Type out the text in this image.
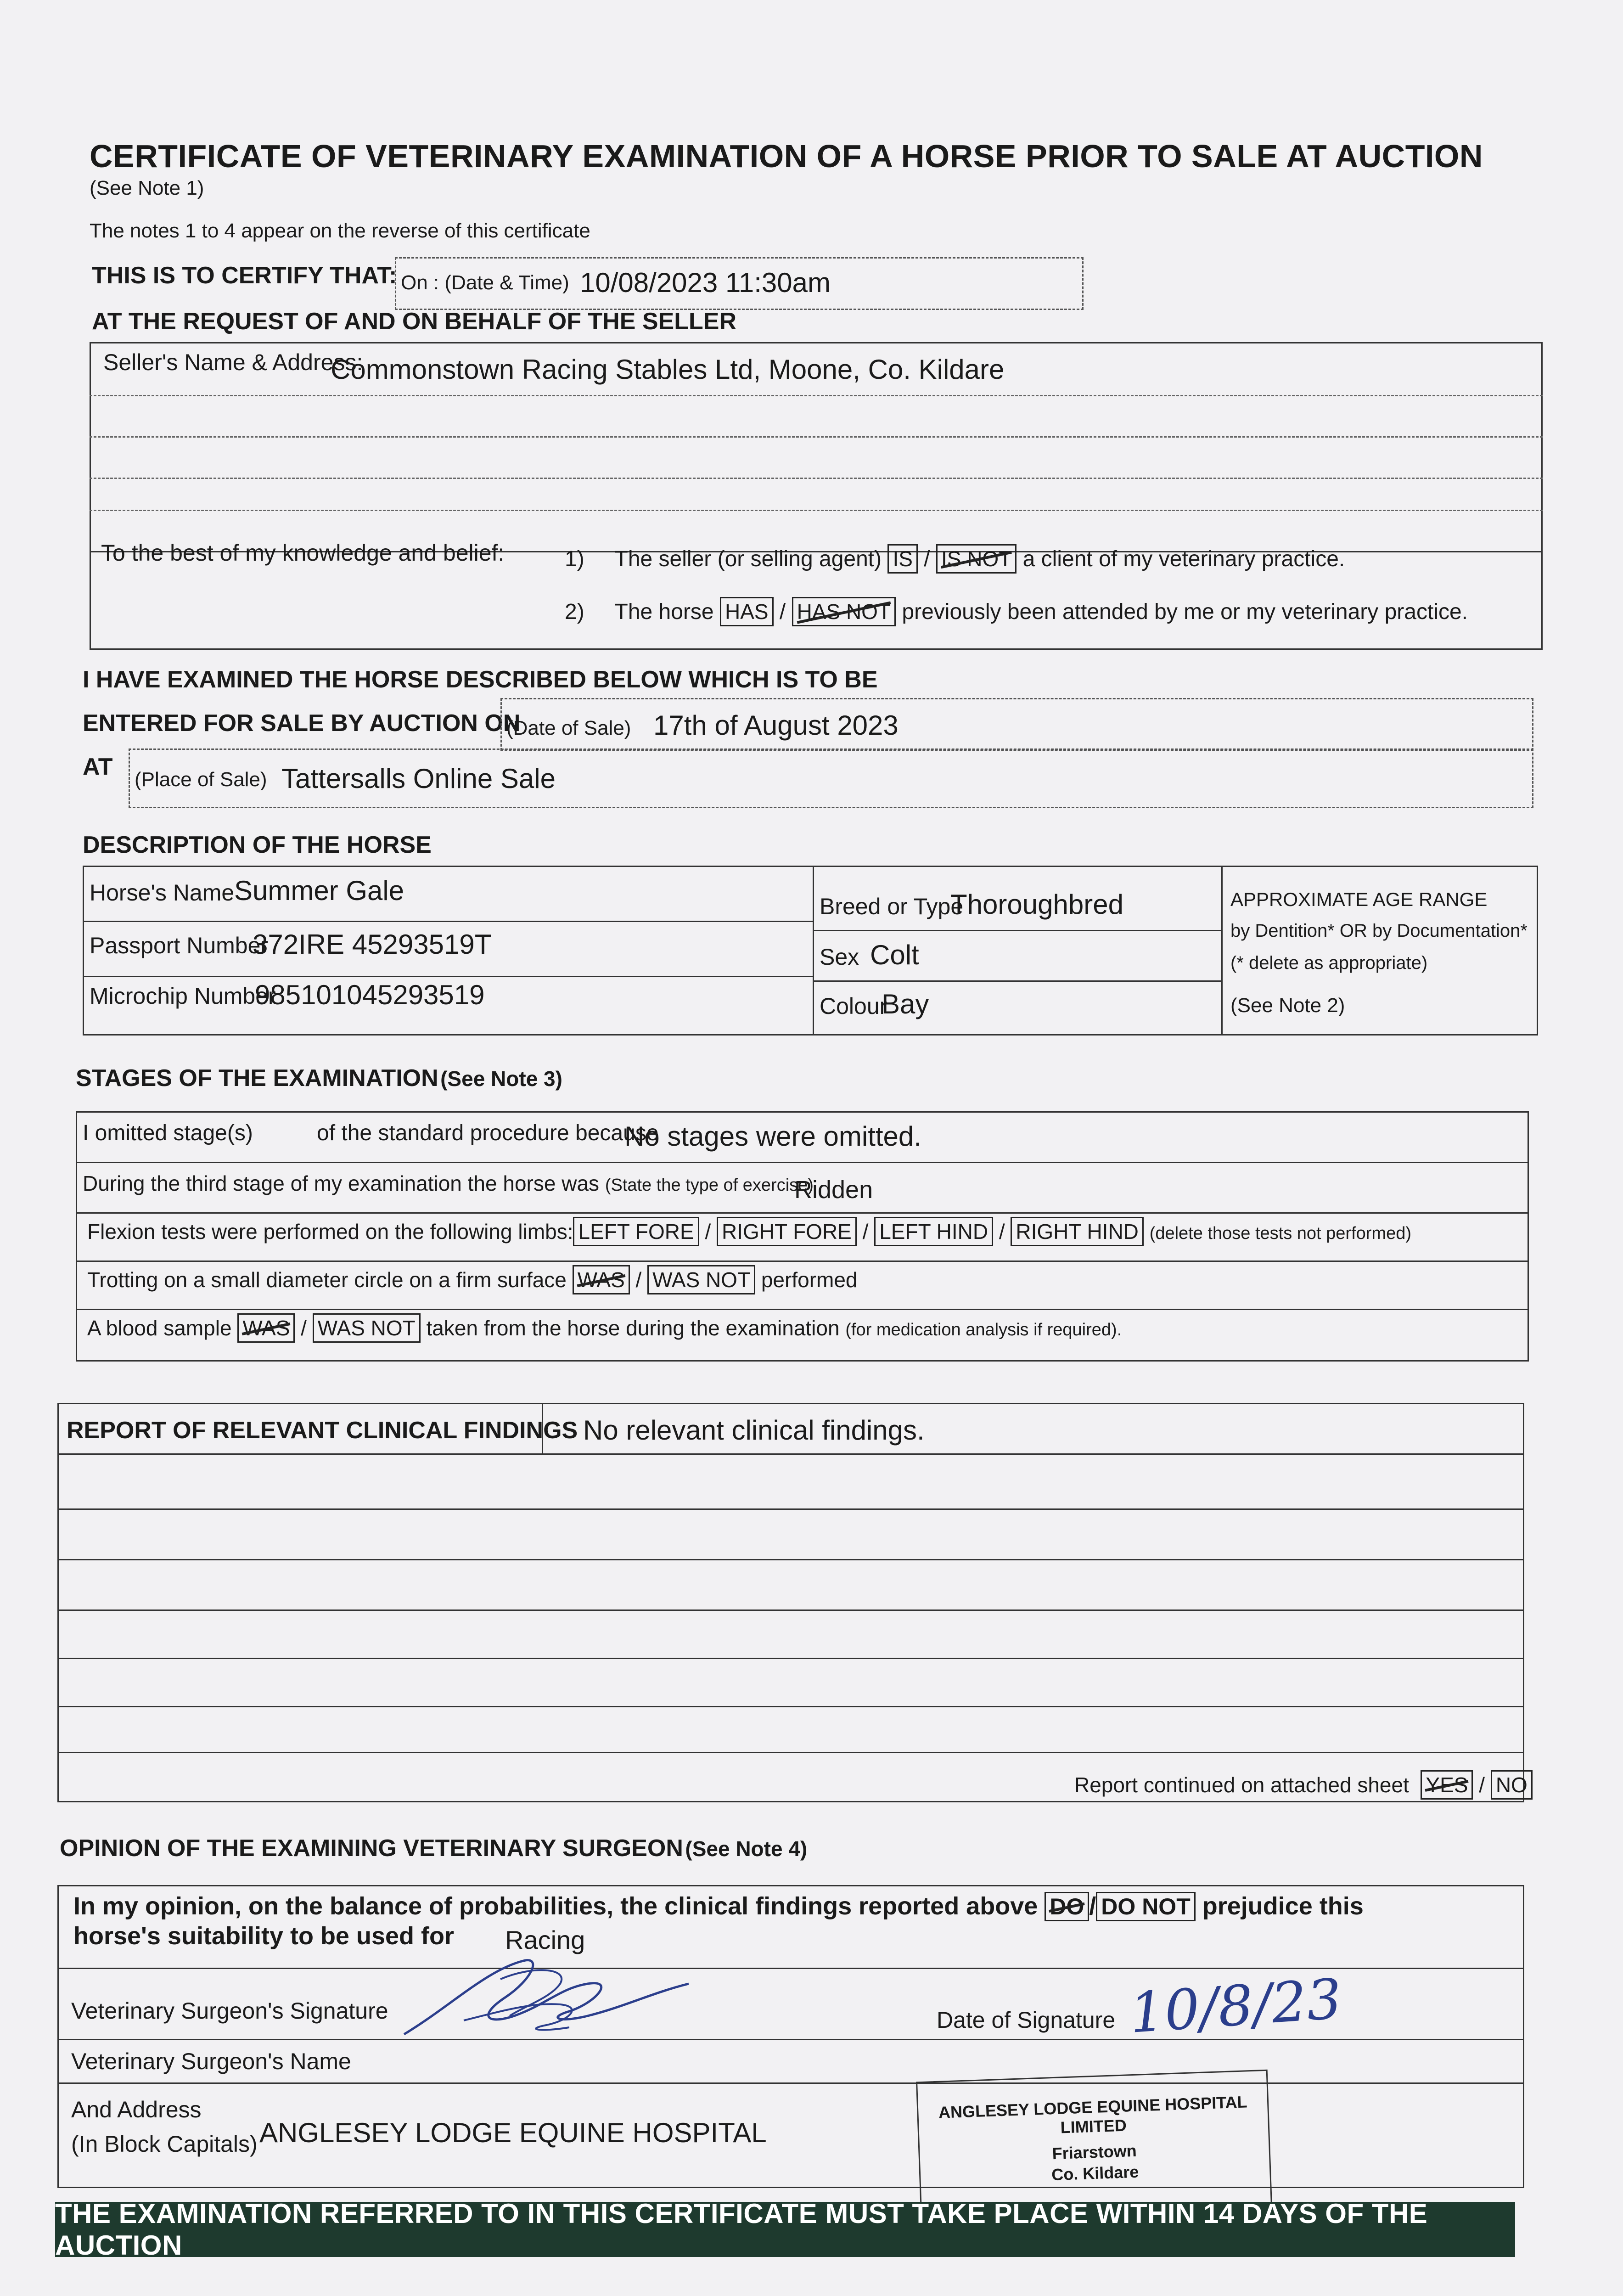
CERTIFICATE OF VETERINARY EXAMINATION OF A HORSE PRIOR TO SALE AT AUCTION
(See Note 1)
The notes 1 to 4 appear on the reverse of this certificate
THIS IS TO CERTIFY THAT: On : (Date & Time) 10/08/2023 11:30am
AT THE REQUEST OF AND ON BEHALF OF THE SELLER
Seller's Name & Address:
Commonstown Racing Stables Ltd, Moone, Co. Kildare
To the best of my knowledge and belief:	1) The seller (or selling agent) IS / IS NOT a client of my veterinary practice.
2) The horse HAS / HAS NOT previously been attended by me or my veterinary practice.
I HAVE EXAMINED THE HORSE DESCRIBED BELOW WHICH IS TO BE
ENTERED FOR SALE BY AUCTION ON
(Date of Sale) 17th of August 2023
AT (Place of Sale) Tattersalls Online Sale
DESCRIPTION OF THE HORSE
Horse's Name Summer Gale
Passport Number
372IRE 45293519T
Microchip Number
985101045293519
Breed or Type
Thoroughbred
Sex Colt
Colour
Bay
APPROXIMATE AGE RANGE
by Dentition* OR by Documentation*
(* delete as appropriate)
(See Note 2)
STAGES OF THE EXAMINATION (See Note 3)
I omitted stage(s)	of the standard procedure because
No stages were omitted.
During the third stage of my examination the horse was (State the type of exercise)
Ridden
Flexion tests were performed on the following limbs: LEFT FORE / RIGHT FORE / LEFT HIND / RIGHT HIND (delete those tests not performed)
Trotting on a small diameter circle on a firm surface WAS / WAS NOT performed
A blood sample WAS / WAS NOT taken from the horse during the examination (for medication analysis if required).
REPORT OF RELEVANT CLINICAL FINDINGS No relevant clinical findings.
Report continued on attached sheet YES / NO
OPINION OF THE EXAMINING VETERINARY SURGEON (See Note 4)
In my opinion, on the balance of probabilities, the clinical findings reported above DO / DO NOT prejudice this
horse's suitability to be used for Racing
Veterinary Surgeon's Signature	Date of Signature 10/8/23
Veterinary Surgeon's Name
And Address
(In Block Capitals) ANGLESEY LODGE EQUINE HOSPITAL
ANGLESEY LODGE EQUINE HOSPITAL LIMITED
Friarstown
Co. Kildare
THE EXAMINATION REFERRED TO IN THIS CERTIFICATE MUST TAKE PLACE WITHIN 14 DAYS OF THE AUCTION
